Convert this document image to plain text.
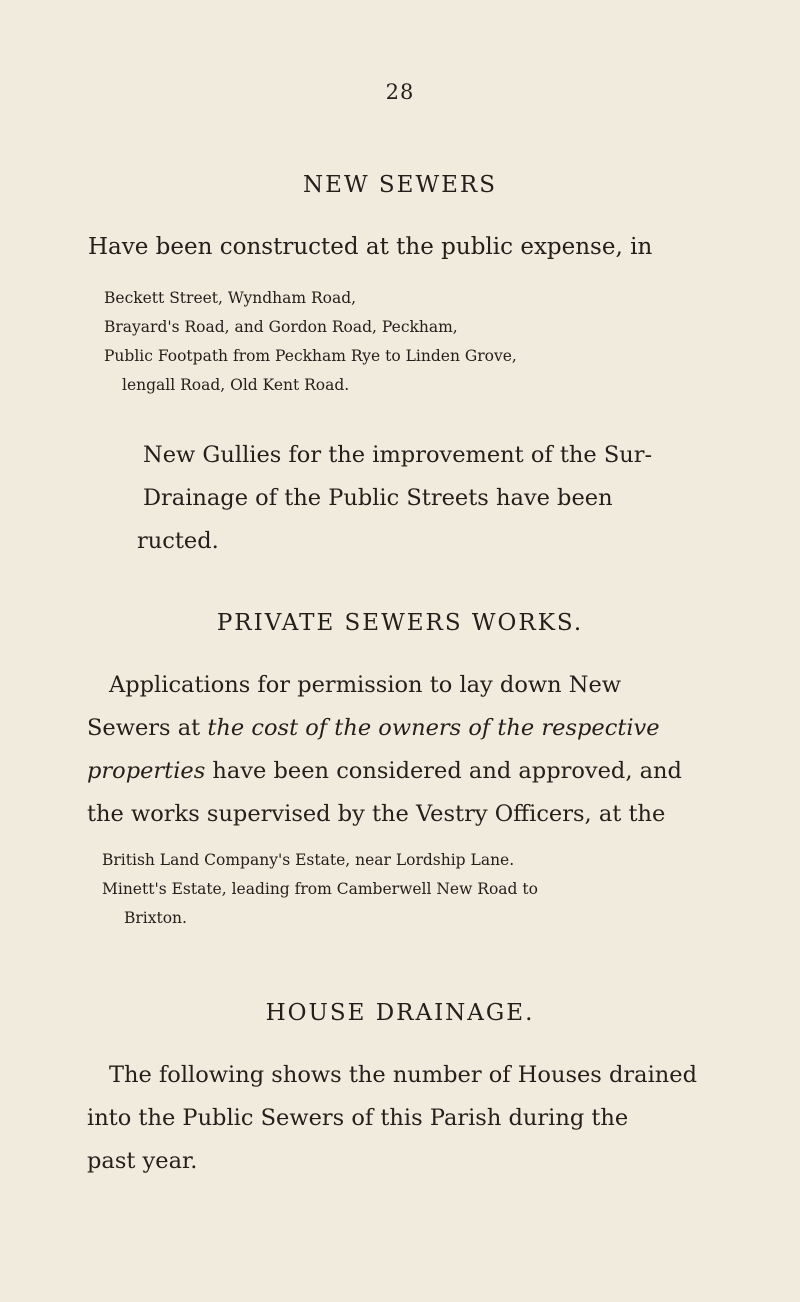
28
NEW SEWERS
Have been constructed at the public expense, in
Beckett Street, Wyndham Road,
Brayard's Road, and Gordon Road, Peckham,
Public Footpath from Peckham Rye to Linden Grove,
lengall Road, Old Kent Road.
New Gullies for the improvement of the Sur-
Drainage of the Public Streets have been
ructed.
PRIVATE SEWERS WORKS.
Applications for permission to lay down New
Sewers at the cost of the owners of the respective
properties have been considered and approved, and
the works supervised by the Vestry Officers, at the
British Land Company's Estate, near Lordship Lane.
Minett's Estate, leading from Camberwell New Road to
Brixton.
HOUSE DRAINAGE.
The following shows the number of Houses drained
into the Public Sewers of this Parish during the
past year.
